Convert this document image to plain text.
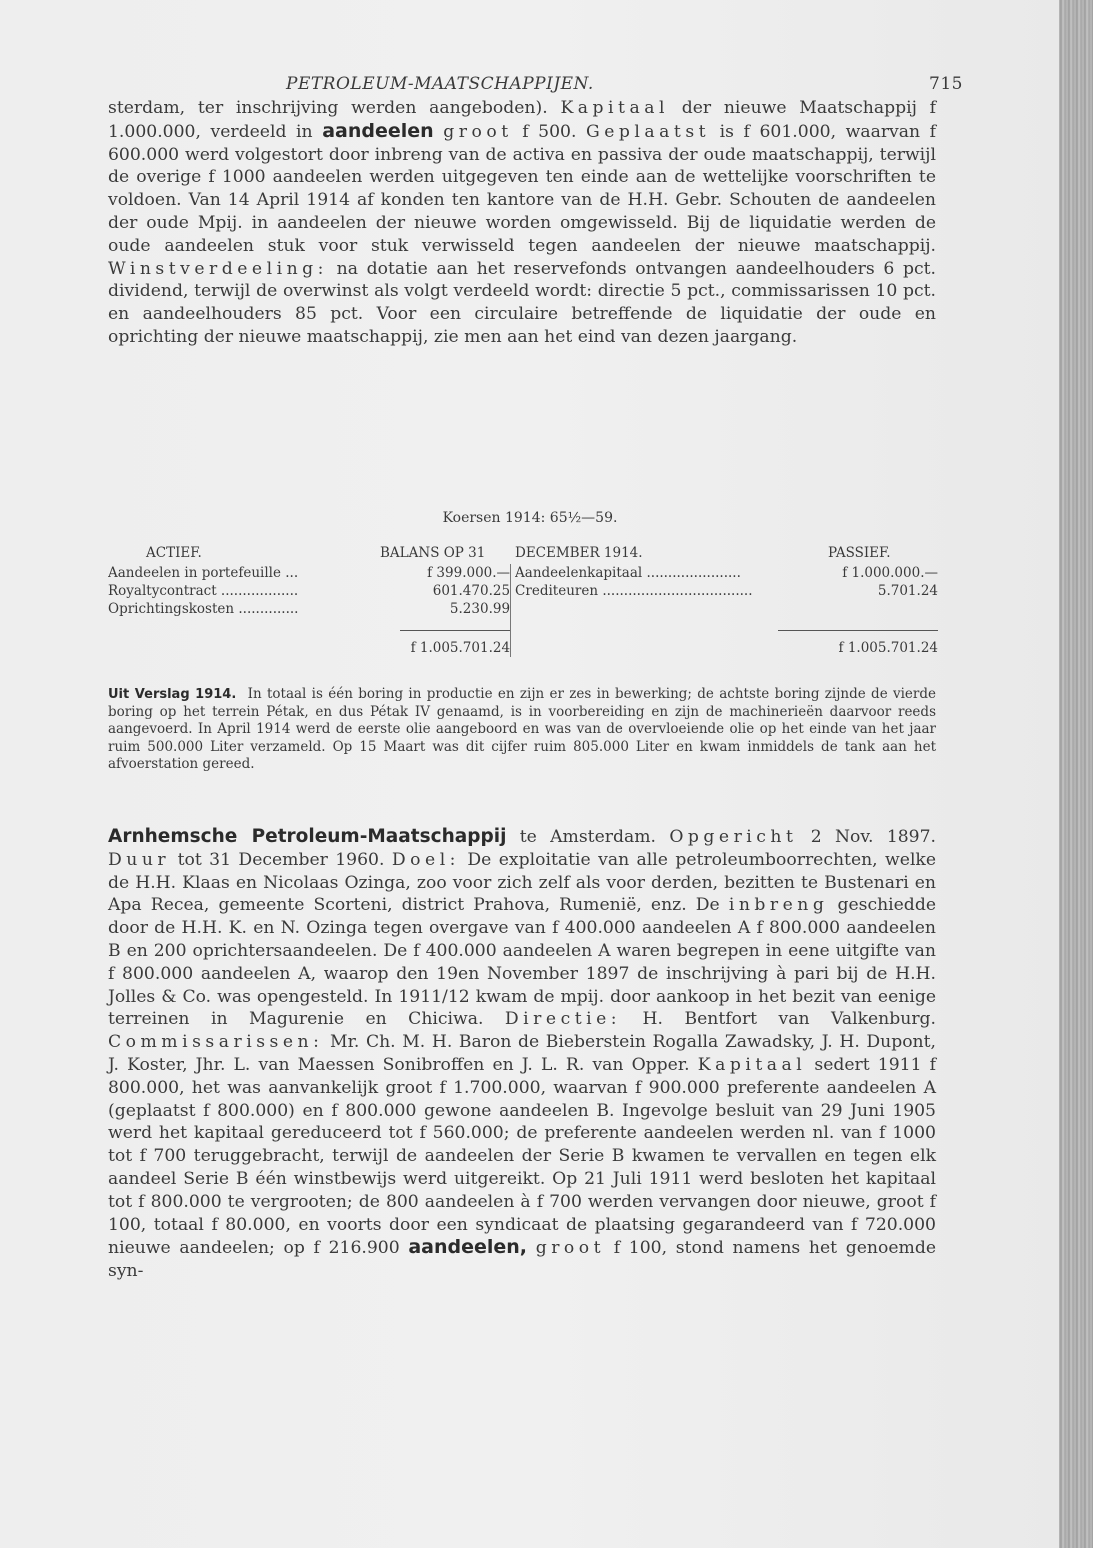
PETROLEUM-MAATSCHAPPIJEN.	715
sterdam, ter inschrijving werden aangeboden). Kapitaal der nieuwe Maatschappij f 1.000.000, verdeeld in aandeelen groot f 500. Geplaatst is f 601.000, waarvan f 600.000 werd volgestort door inbreng van de activa en passiva der oude maatschappij, terwijl de overige f 1000 aandeelen werden uitgegeven ten einde aan de wettelijke voorschriften te voldoen. Van 14 April 1914 af konden ten kantore van de H.H. Gebr. Schouten de aandeelen der oude Mpij. in aandeelen der nieuwe worden omgewisseld. Bij de liquidatie werden de oude aandeelen stuk voor stuk verwisseld tegen aandeelen der nieuwe maatschappij. Winstverdeeling: na dotatie aan het reservefonds ontvangen aandeelhouders 6 pct. dividend, terwijl de overwinst als volgt verdeeld wordt: directie 5 pct., commissarissen 10 pct. en aandeelhouders 85 pct. Voor een circulaire betreffende de liquidatie der oude en oprichting der nieuwe maatschappij, zie men aan het eind van dezen jaargang.
Koersen 1914: 65½—59.
ACTIEF.	BALANS OP 31 DECEMBER 1914.	PASSIEF.
Aandeelen in portefeuille ...	f 399.000.—
Royaltycontract ..................	601.470.25
Oprichtingskosten ..............	5.230.99
f 1.005.701.24
Aandeelenkapitaal ......................	f 1.000.000.—
Crediteuren ...................................	5.701.24
f 1.005.701.24
Uit Verslag 1914. In totaal is één boring in productie en zijn er zes in bewerking; de achtste boring zijnde de vierde boring op het terrein Pétak, en dus Pétak IV genaamd, is in voorbereiding en zijn de machinerieën daarvoor reeds aangevoerd. In April 1914 werd de eerste olie aangeboord en was van de overvloeiende olie op het einde van het jaar ruim 500.000 Liter verzameld. Op 15 Maart was dit cijfer ruim 805.000 Liter en kwam inmiddels de tank aan het afvoerstation gereed.
Arnhemsche Petroleum-Maatschappij te Amsterdam. Opgericht 2 Nov. 1897. Duur tot 31 December 1960. Doel: De exploitatie van alle petroleumboorrechten, welke de H.H. Klaas en Nicolaas Ozinga, zoo voor zich zelf als voor derden, bezitten te Bustenari en Apa Recea, gemeente Scorteni, district Prahova, Rumenië, enz. De inbreng geschiedde door de H.H. K. en N. Ozinga tegen overgave van f 400.000 aandeelen A f 800.000 aandeelen B en 200 oprichtersaandeelen. De f 400.000 aandeelen A waren begrepen in eene uitgifte van f 800.000 aandeelen A, waarop den 19en November 1897 de inschrijving à pari bij de H.H. Jolles & Co. was opengesteld. In 1911/12 kwam de mpij. door aankoop in het bezit van eenige terreinen in Magurenie en Chiciwa. Directie: H. Bentfort van Valkenburg. Commissarissen: Mr. Ch. M. H. Baron de Bieberstein Rogalla Zawadsky, J. H. Dupont, J. Koster, Jhr. L. van Maessen Sonibroffen en J. L. R. van Opper. Kapitaal sedert 1911 f 800.000, het was aanvankelijk groot f 1.700.000, waarvan f 900.000 preferente aandeelen A (geplaatst f 800.000) en f 800.000 gewone aandeelen B. Ingevolge besluit van 29 Juni 1905 werd het kapitaal gereduceerd tot f 560.000; de preferente aandeelen werden nl. van f 1000 tot f 700 teruggebracht, terwijl de aandeelen der Serie B kwamen te vervallen en tegen elk aandeel Serie B één winstbewijs werd uitgereikt. Op 21 Juli 1911 werd besloten het kapitaal tot f 800.000 te vergrooten; de 800 aandeelen à f 700 werden vervangen door nieuwe, groot f 100, totaal f 80.000, en voorts door een syndicaat de plaatsing gegarandeerd van f 720.000 nieuwe aandeelen; op f 216.900 aandeelen, groot f 100, stond namens het genoemde syn-
